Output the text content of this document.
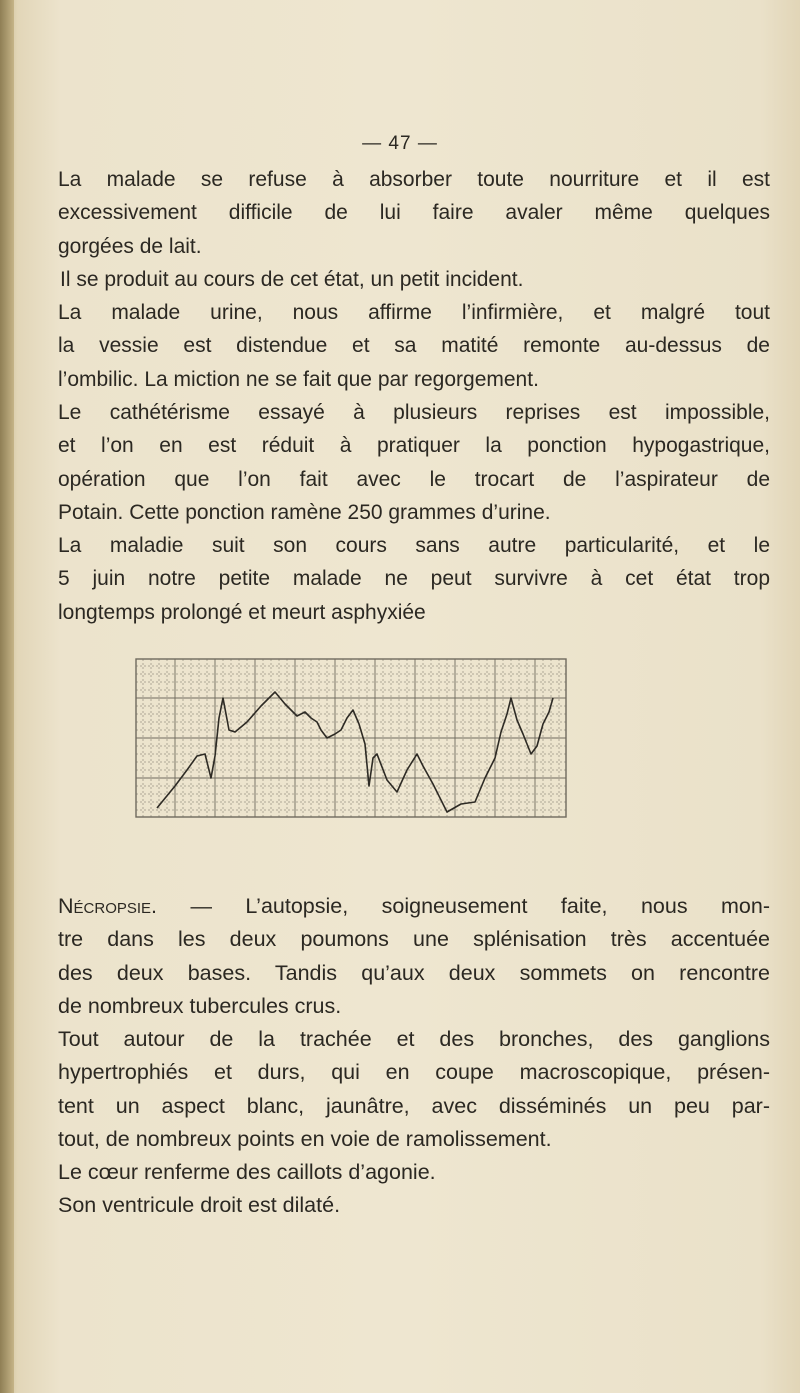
— 47 —

La malade se refuse à absorber toute nourriture et il est
excessivement difficile de lui faire avaler même quelques
gorgées de lait.

Il se produit au cours de cet état, un petit incident.

La malade urine, nous affirme l’infirmière, et malgré tout
la vessie est distendue et sa matité remonte au-dessus de
l’ombilic. La miction ne se fait que par regorgement.

Le cathétérisme essayé à plusieurs reprises est impossible,
et l’on en est réduit à pratiquer la ponction hypogastrique,
opération que l’on fait avec le trocart de l’aspirateur de
Potain. Cette ponction ramène 250 grammes d’urine.

La maladie suit son cours sans autre particularité, et le
5 juin notre petite malade ne peut survivre à cet état trop
longtemps prolongé et meurt asphyxiée

Nécropsie. — L’autopsie, soigneusement faite, nous mon-
tre dans les deux poumons une splénisation très accentuée
des deux bases. Tandis qu’aux deux sommets on rencontre
de nombreux tubercules crus.

Tout autour de la trachée et des bronches, des ganglions
hypertrophiés et durs, qui en coupe macroscopique, présen-
tent un aspect blanc, jaunâtre, avec disséminés un peu par-
tout, de nombreux points en voie de ramolissement.

Le cœur renferme des caillots d’agonie.

Son ventricule droit est dilaté.
